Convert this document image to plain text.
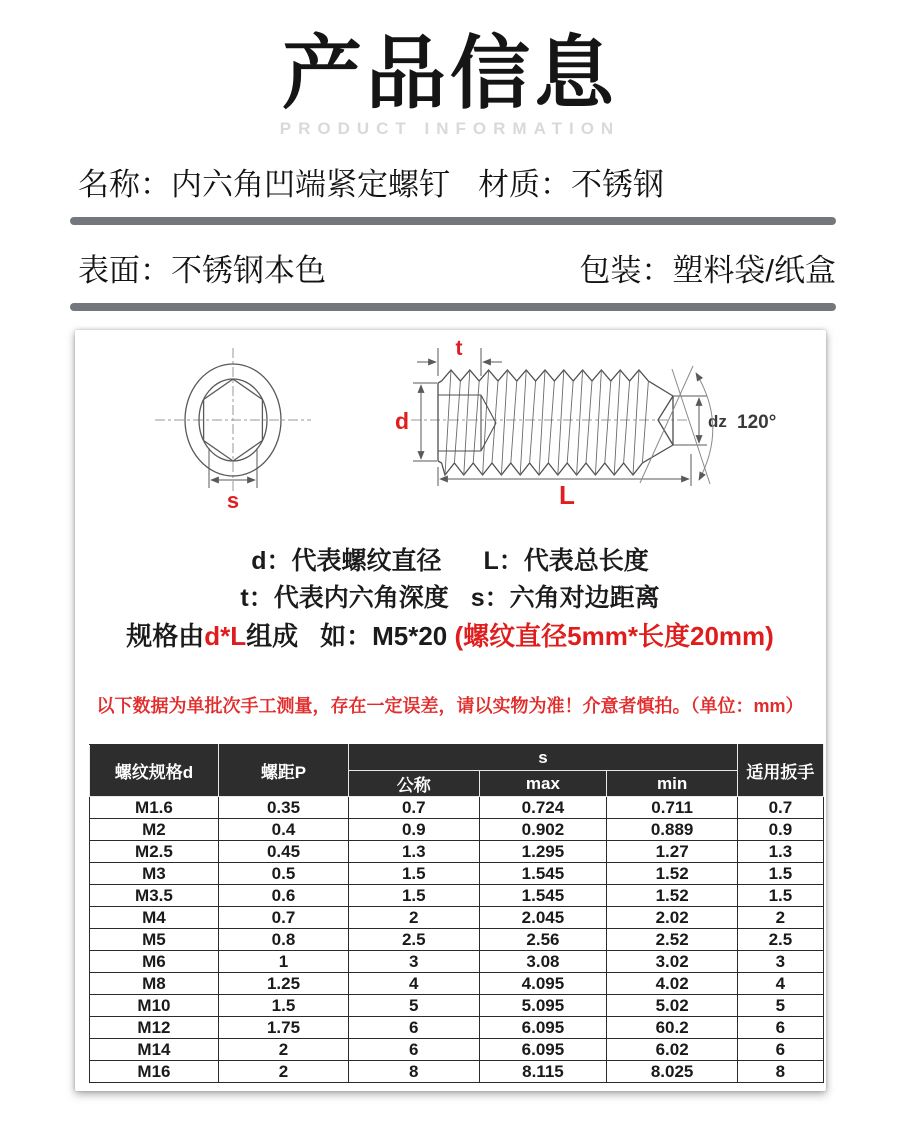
产品信息
PRODUCT INFORMATION
名称：内六角凹端紧定螺钉 材质：不锈钢
表面：不锈钢本色	包装：塑料袋/纸盒
s
t
d
L
dz 120°
d：代表螺纹直径 L：代表总长度
t：代表内六角深度 s：六角对边距离
规格由d*L组成 如：M5*20 (螺纹直径5mm*长度20mm)
以下数据为单批次手工测量，存在一定误差，请以实物为准！介意者慎拍。（单位：mm）
螺纹规格d	螺距P	s			适用扳手
		公称	max	min	
M1.6	0.35	0.7	0.724	0.711	0.7
M2	0.4	0.9	0.902	0.889	0.9
M2.5	0.45	1.3	1.295	1.27	1.3
M3	0.5	1.5	1.545	1.52	1.5
M3.5	0.6	1.5	1.545	1.52	1.5
M4	0.7	2	2.045	2.02	2
M5	0.8	2.5	2.56	2.52	2.5
M6	1	3	3.08	3.02	3
M8	1.25	4	4.095	4.02	4
M10	1.5	5	5.095	5.02	5
M12	1.75	6	6.095	60.2	6
M14	2	6	6.095	6.02	6
M16	2	8	8.115	8.025	8
